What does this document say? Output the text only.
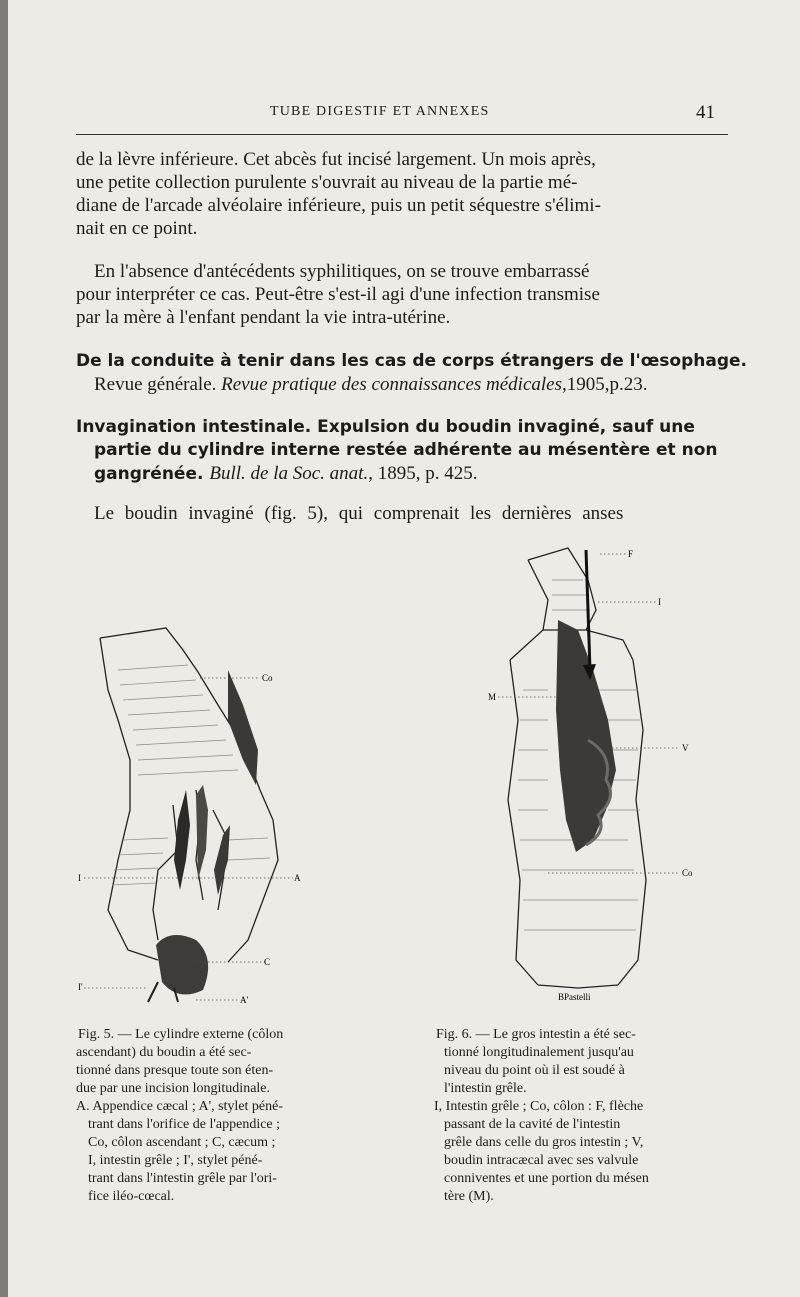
TUBE DIGESTIF ET ANNEXES	41
de la lèvre inférieure. Cet abcès fut incisé largement. Un mois après,
une petite collection purulente s'ouvrait au niveau de la partie mé-
diane de l'arcade alvéolaire inférieure, puis un petit séquestre s'élimi-
nait en ce point.
En l'absence d'antécédents syphilitiques, on se trouve embarrassé
pour interpréter ce cas. Peut-être s'est-il agi d'une infection transmise
par la mère à l'enfant pendant la vie intra-utérine.
De la conduite à tenir dans les cas de corps étrangers de l'œsophage.
Revue générale. Revue pratique des connaissances médicales,1905,p.23.
Invagination intestinale. Expulsion du boudin invaginé, sauf une
partie du cylindre interne restée adhérente au mésentère et non
gangrénée. Bull. de la Soc. anat., 1895, p. 425.
Le boudin invaginé (fig. 5), qui comprenait les dernières anses
Co
I	A
C
I'
A'
F
I
M
V
Co
BPastelli
Fig. 5. — Le cylindre externe (côlon
ascendant) du boudin a été sec-
tionné dans presque toute son éten-
due par une incision longitudinale.
A. Appendice cæcal ; A', stylet péné-
trant dans l'orifice de l'appendice ;
Co, côlon ascendant ; C, cæcum ;
I, intestin grêle ; I', stylet péné-
trant dans l'intestin grêle par l'ori-
fice iléo-cœcal.
Fig. 6. — Le gros intestin a été sec-
tionné longitudinalement jusqu'au
niveau du point où il est soudé à
l'intestin grêle.
I, Intestin grêle ; Co, côlon : F, flèche
passant de la cavité de l'intestin
grêle dans celle du gros intestin ; V,
boudin intracæcal avec ses valvule
conniventes et une portion du mésen
tère (M).
